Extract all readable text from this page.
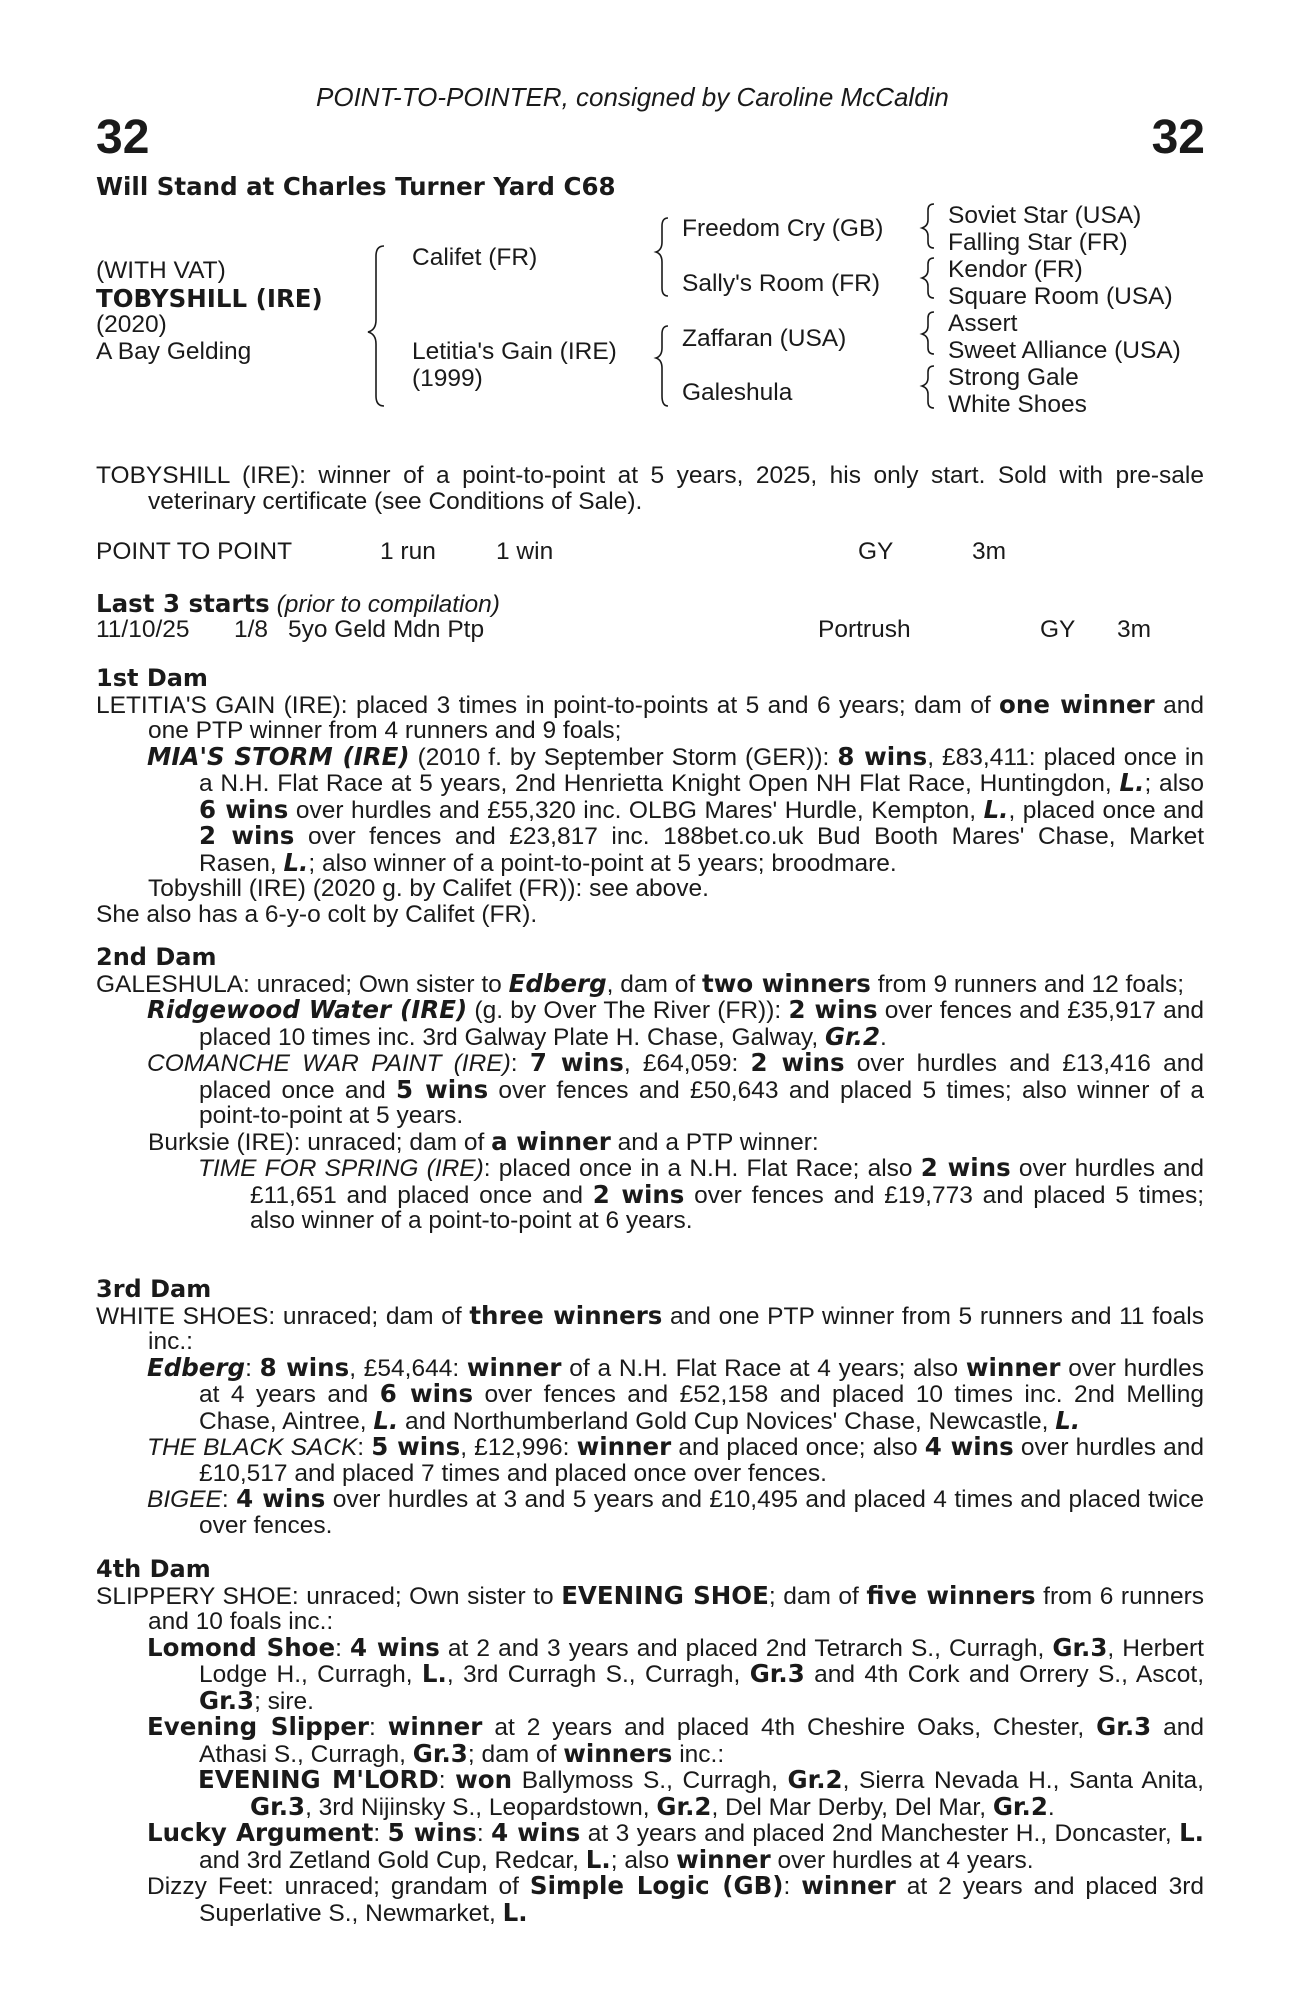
POINT-TO-POINTER, consigned by Caroline McCaldin
32	32
Will Stand at Charles Turner Yard C68
(WITH VAT)
TOBYSHILL (IRE)
(2020)
A Bay Gelding
Califet (FR)
Letitia's Gain (IRE)
(1999)
Freedom Cry (GB)
Sally's Room (FR)
Zaffaran (USA)
Galeshula
Soviet Star (USA)
Falling Star (FR)
Kendor (FR)
Square Room (USA)
Assert
Sweet Alliance (USA)
Strong Gale
White Shoes

TOBYSHILL (IRE): winner of a point-to-point at 5 years, 2025, his only start. Sold with pre-sale veterinary certificate (see Conditions of Sale).

POINT TO POINT	1 run 1 win	GY	3m
Last 3 starts (prior to compilation)
11/10/25 1/8 5yo Geld Mdn Ptp	Portrush	GY 3m
1st Dam

LETITIA'S GAIN (IRE): placed 3 times in point-to-points at 5 and 6 years; dam of one winner and one PTP winner from 4 runners and 9 foals;

MIA'S STORM (IRE) (2010 f. by September Storm (GER)): 8 wins, £83,411: placed once in a N.H. Flat Race at 5 years, 2nd Henrietta Knight Open NH Flat Race, Huntingdon, L.; also 6 wins over hurdles and £55,320 inc. OLBG Mares' Hurdle, Kempton, L., placed once and 2 wins over fences and £23,817 inc. 188bet.co.uk Bud Booth Mares' Chase, Market Rasen, L.; also winner of a point-to-point at 5 years; broodmare.

Tobyshill (IRE) (2020 g. by Califet (FR)): see above.

She also has a 6-y-o colt by Califet (FR).

2nd Dam

GALESHULA: unraced; Own sister to Edberg, dam of two winners from 9 runners and 12 foals;

Ridgewood Water (IRE) (g. by Over The River (FR)): 2 wins over fences and £35,917 and placed 10 times inc. 3rd Galway Plate H. Chase, Galway, Gr.2.

COMANCHE WAR PAINT (IRE): 7 wins, £64,059: 2 wins over hurdles and £13,416 and placed once and 5 wins over fences and £50,643 and placed 5 times; also winner of a point-to-point at 5 years.

Burksie (IRE): unraced; dam of a winner and a PTP winner:

TIME FOR SPRING (IRE): placed once in a N.H. Flat Race; also 2 wins over hurdles and £11,651 and placed once and 2 wins over fences and £19,773 and placed 5 times; also winner of a point-to-point at 6 years.

3rd Dam

WHITE SHOES: unraced; dam of three winners and one PTP winner from 5 runners and 11 foals inc.:

Edberg: 8 wins, £54,644: winner of a N.H. Flat Race at 4 years; also winner over hurdles at 4 years and 6 wins over fences and £52,158 and placed 10 times inc. 2nd Melling Chase, Aintree, L. and Northumberland Gold Cup Novices' Chase, Newcastle, L.

THE BLACK SACK: 5 wins, £12,996: winner and placed once; also 4 wins over hurdles and £10,517 and placed 7 times and placed once over fences.

BIGEE: 4 wins over hurdles at 3 and 5 years and £10,495 and placed 4 times and placed twice over fences.

4th Dam

SLIPPERY SHOE: unraced; Own sister to EVENING SHOE; dam of five winners from 6 runners and 10 foals inc.:

Lomond Shoe: 4 wins at 2 and 3 years and placed 2nd Tetrarch S., Curragh, Gr.3, Herbert Lodge H., Curragh, L., 3rd Curragh S., Curragh, Gr.3 and 4th Cork and Orrery S., Ascot, Gr.3; sire.

Evening Slipper: winner at 2 years and placed 4th Cheshire Oaks, Chester, Gr.3 and Athasi S., Curragh, Gr.3; dam of winners inc.:

EVENING M'LORD: won Ballymoss S., Curragh, Gr.2, Sierra Nevada H., Santa Anita, Gr.3, 3rd Nijinsky S., Leopardstown, Gr.2, Del Mar Derby, Del Mar, Gr.2.

Lucky Argument: 5 wins: 4 wins at 3 years and placed 2nd Manchester H., Doncaster, L. and 3rd Zetland Gold Cup, Redcar, L.; also winner over hurdles at 4 years.

Dizzy Feet: unraced; grandam of Simple Logic (GB): winner at 2 years and placed 3rd Superlative S., Newmarket, L.
